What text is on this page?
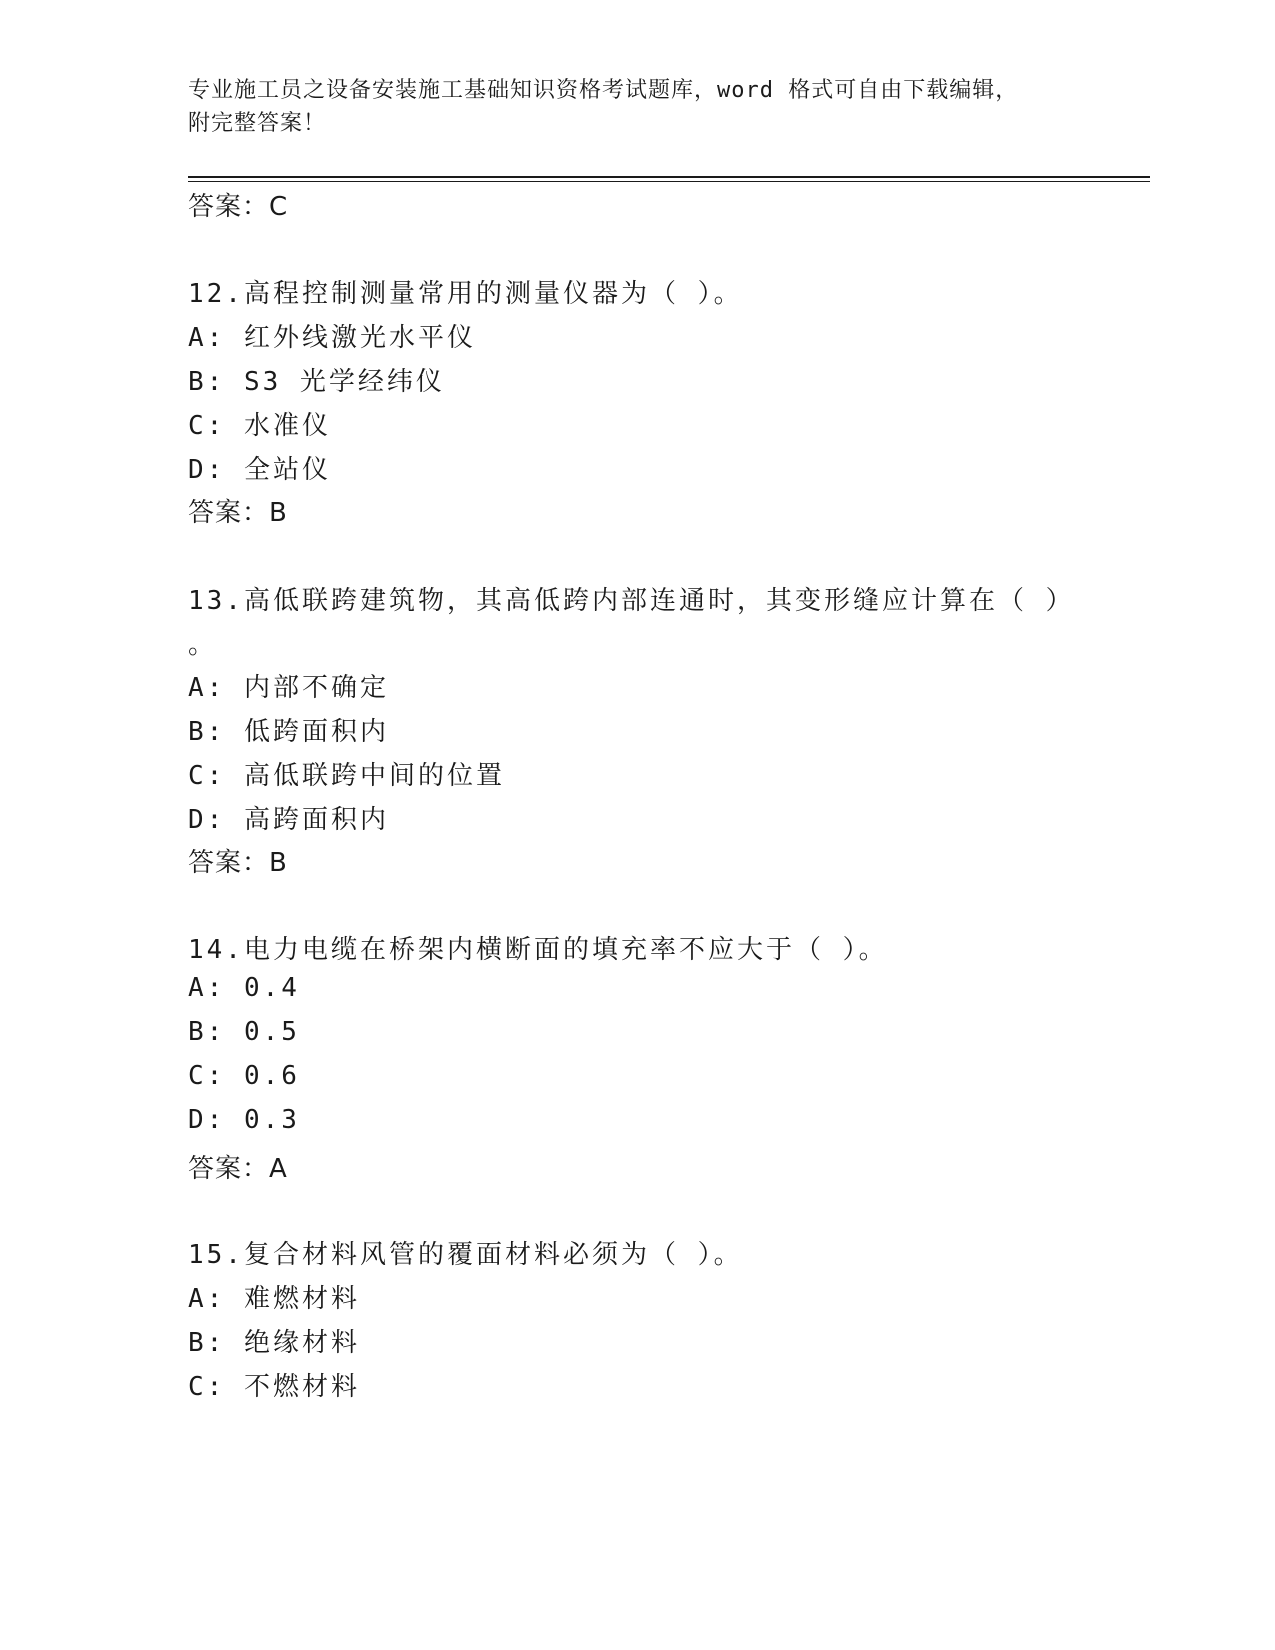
专业施工员之设备安装施工基础知识资格考试题库，word 格式可自由下载编辑，
附完整答案！
答案：C
12.高程控制测量常用的测量仪器为（ ）。
A: 红外线激光水平仪
B: S3 光学经纬仪
C: 水准仪
D: 全站仪
答案：B
13.高低联跨建筑物，其高低跨内部连通时，其变形缝应计算在（ ）
。
A: 内部不确定
B: 低跨面积内
C: 高低联跨中间的位置
D: 高跨面积内
答案：B
14.电力电缆在桥架内横断面的填充率不应大于（ ）。
A: 0.4
B: 0.5
C: 0.6
D: 0.3
答案：A
15.复合材料风管的覆面材料必须为（ ）。
A: 难燃材料
B: 绝缘材料
C: 不燃材料
